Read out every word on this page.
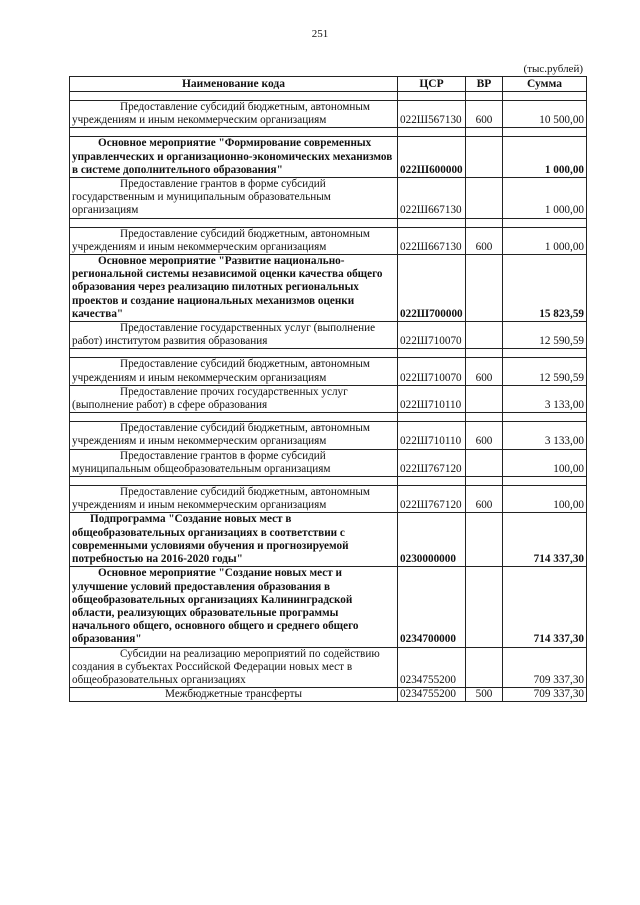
251
(тыс.рублей)
Наименование кода	ЦСР	ВР	Сумма

Предоставление субсидий бюджетным, автономным учреждениям и иным некоммерческим организациям	022Ш567130	600	10 500,00

Основное мероприятие "Формирование современных управленческих и организационно-экономических механизмов в системе дополнительного образования"	022Ш600000		1 000,00

Предоставление грантов в форме субсидий государственным и муниципальным образовательным организациям	022Ш667130		1 000,00

Предоставление субсидий бюджетным, автономным учреждениям и иным некоммерческим организациям	022Ш667130	600	1 000,00

Основное мероприятие "Развитие национально-региональной системы независимой оценки качества общего образования через реализацию пилотных региональных проектов и создание национальных механизмов оценки качества"	022Ш700000		15 823,59

Предоставление государственных услуг (выполнение работ) институтом развития образования	022Ш710070		12 590,59

Предоставление субсидий бюджетным, автономным учреждениям и иным некоммерческим организациям	022Ш710070	600	12 590,59

Предоставление прочих государственных услуг (выполнение работ) в сфере образования	022Ш710110		3 133,00

Предоставление субсидий бюджетным, автономным учреждениям и иным некоммерческим организациям	022Ш710110	600	3 133,00

Предоставление грантов в форме субсидий муниципальным общеобразовательным организациям	022Ш767120		100,00

Предоставление субсидий бюджетным, автономным учреждениям и иным некоммерческим организациям	022Ш767120	600	100,00

Подпрограмма "Создание новых мест в общеобразовательных организациях в соответствии с современными условиями обучения и прогнозируемой потребностью на 2016-2020 годы"	0230000000		714 337,30

Основное мероприятие "Создание новых мест и улучшение условий предоставления образования в общеобразовательных организациях Калининградской области, реализующих образовательные программы начального общего, основного общего и среднего общего образования"	0234700000		714 337,30

Субсидии на реализацию мероприятий по содействию создания в субъектах Российской Федерации новых мест в общеобразовательных организациях	0234755200		709 337,30

Межбюджетные трансферты	0234755200	500	709 337,30
